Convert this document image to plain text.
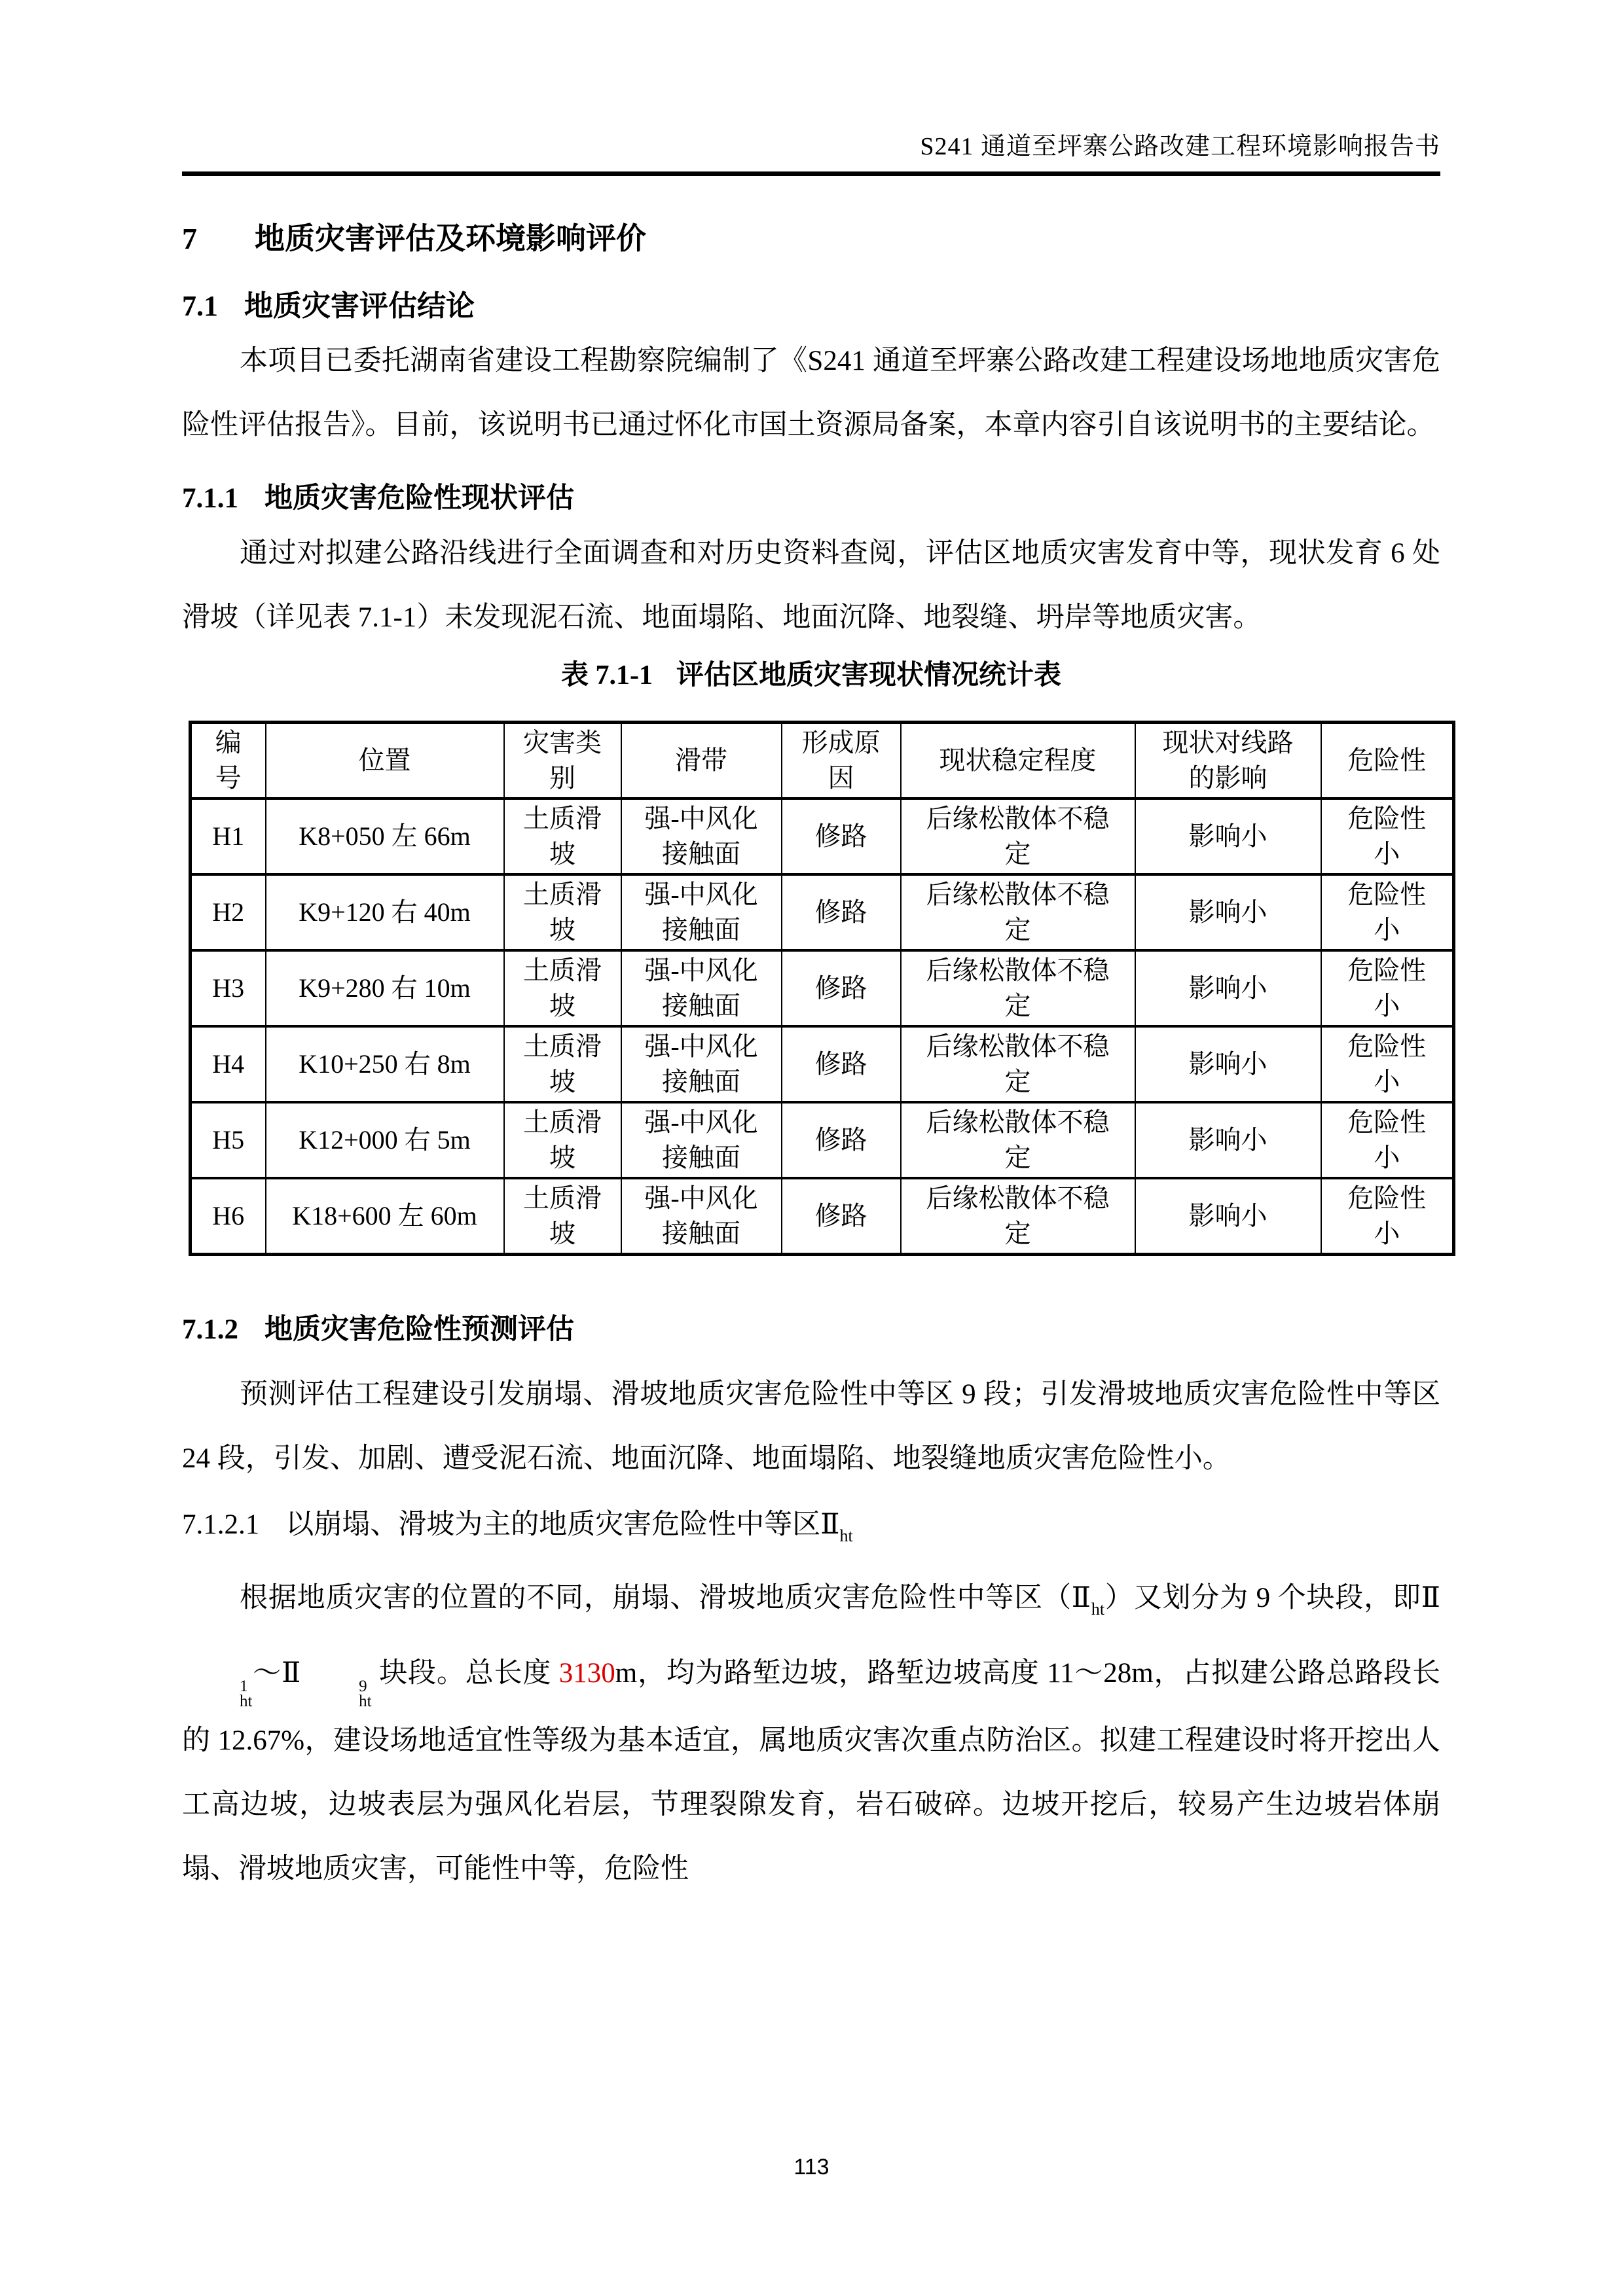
S241 通道至坪寨公路改建工程环境影响报告书
7 地质灾害评估及环境影响评价
7.1 地质灾害评估结论
本项目已委托湖南省建设工程勘察院编制了《S241 通道至坪寨公路改建工程建设场地地质灾害危险性评估报告》。目前，该说明书已通过怀化市国土资源局备案，本章内容引自该说明书的主要结论。
7.1.1 地质灾害危险性现状评估
通过对拟建公路沿线进行全面调查和对历史资料查阅，评估区地质灾害发育中等，现状发育 6 处滑坡（详见表 7.1-1）未发现泥石流、地面塌陷、地面沉降、地裂缝、坍岸等地质灾害。
表 7.1-1 评估区地质灾害现状情况统计表
编号	位置	灾害类别	滑带	形成原因	现状稳定程度	现状对线路的影响	危险性
H1	K8+050 左 66m	土质滑坡	强-中风化接触面	修路	后缘松散体不稳定	影响小	危险性小
H2	K9+120 右 40m	土质滑坡	强-中风化接触面	修路	后缘松散体不稳定	影响小	危险性小
H3	K9+280 右 10m	土质滑坡	强-中风化接触面	修路	后缘松散体不稳定	影响小	危险性小
H4	K10+250 右 8m	土质滑坡	强-中风化接触面	修路	后缘松散体不稳定	影响小	危险性小
H5	K12+000 右 5m	土质滑坡	强-中风化接触面	修路	后缘松散体不稳定	影响小	危险性小
H6	K18+600 左 60m	土质滑坡	强-中风化接触面	修路	后缘松散体不稳定	影响小	危险性小
7.1.2 地质灾害危险性预测评估
预测评估工程建设引发崩塌、滑坡地质灾害危险性中等区 9 段；引发滑坡地质灾害危险性中等区 24 段，引发、加剧、遭受泥石流、地面沉降、地面塌陷、地裂缝地质灾害危险性小。
7.1.2.1 以崩塌、滑坡为主的地质灾害危险性中等区$Ⅱ_{ht}$
根据地质灾害的位置的不同，崩塌、滑坡地质灾害危险性中等区$(Ⅱ_{ht})$又划分为 9 个块段，即Ⅱ
1
ht
～Ⅱ	9
ht
块段。总长度 3130m，均为路堑边坡，路堑边坡高度 11～28m，占拟建公路总路段长的 12.67%，建设场地适宜性等级为基本适宜，属地质灾害次重点防治区。拟建工程建设时将开挖出人工高边坡，边坡表层为强风化岩层，节理裂隙发育，岩石破碎。边坡开挖后，较易产生边坡岩体崩塌、滑坡地质灾害，可能性中等，危险性
113
